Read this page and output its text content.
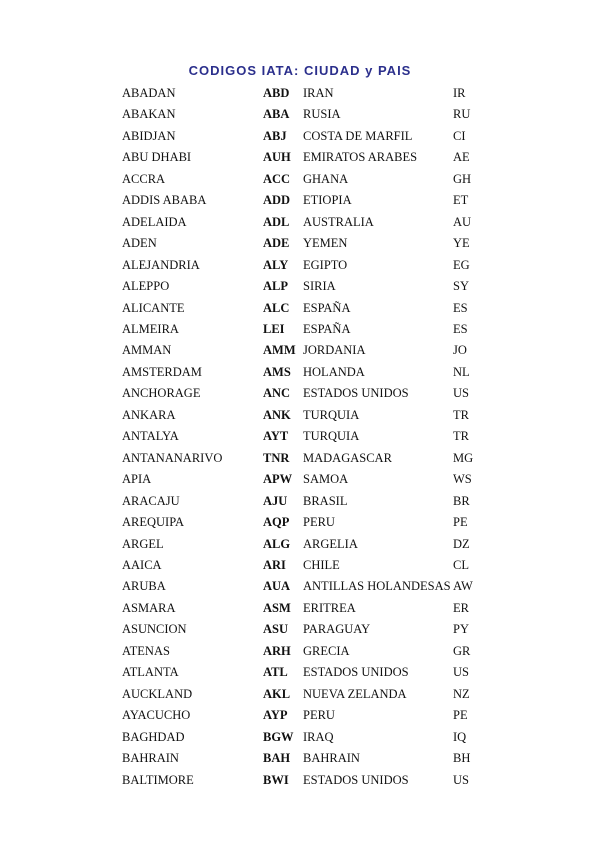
CODIGOS IATA: CIUDAD y PAIS
ABADAN	ABD IRAN	IR
ABAKAN	ABA RUSIA	RU
ABIDJAN	ABJ COSTA DE MARFIL	CI
ABU DHABI	AUH EMIRATOS ARABES	AE
ACCRA	ACC GHANA	GH
ADDIS ABABA	ADD ETIOPIA	ET
ADELAIDA	ADL AUSTRALIA	AU
ADEN	ADE YEMEN	YE
ALEJANDRIA	ALY EGIPTO	EG
ALEPPO	ALP SIRIA	SY
ALICANTE	ALC ESPAÑA	ES
ALMEIRA	LEI ESPAÑA	ES
AMMAN	AMM JORDANIA	JO
AMSTERDAM	AMS HOLANDA	NL
ANCHORAGE	ANC ESTADOS UNIDOS	US
ANKARA	ANK TURQUIA	TR
ANTALYA	AYT TURQUIA	TR
ANTANANARIVO	TNR MADAGASCAR	MG
APIA	APW SAMOA	WS
ARACAJU	AJU BRASIL	BR
AREQUIPA	AQP PERU	PE
ARGEL	ALG ARGELIA	DZ
AAICA	ARI CHILE	CL
ARUBA	AUA ANTILLAS HOLANDESAS AW
ASMARA	ASM ERITREA	ER
ASUNCION	ASU PARAGUAY	PY
ATENAS	ARH GRECIA	GR
ATLANTA	ATL ESTADOS UNIDOS	US
AUCKLAND	AKL NUEVA ZELANDA	NZ
AYACUCHO	AYP PERU	PE
BAGHDAD	BGW IRAQ	IQ
BAHRAIN	BAH BAHRAIN	BH
BALTIMORE	BWI ESTADOS UNIDOS	US
